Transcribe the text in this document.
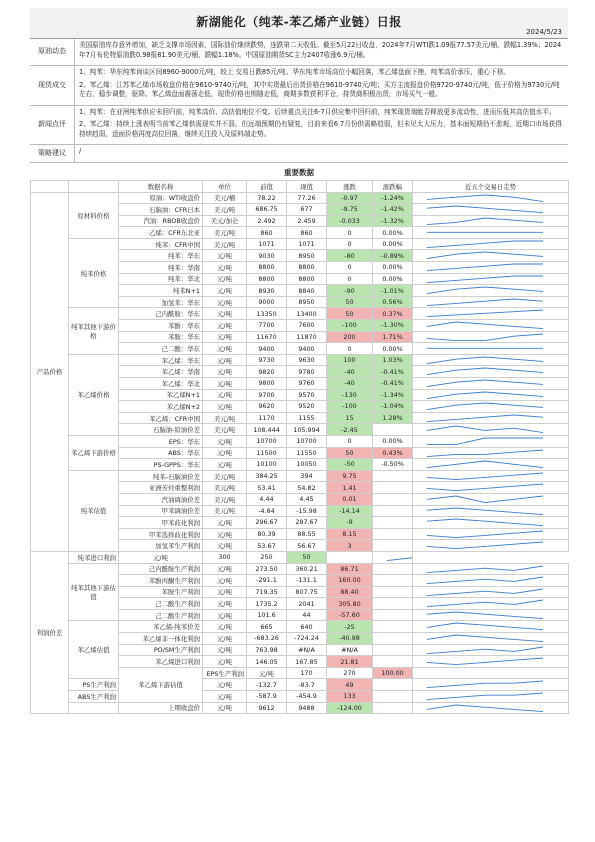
新湖能化（纯苯-苯乙烯产业链）日报
2024/5/23
原油动态

美国原油库存意外增加，缺乏支撑市场因素，国际油价继续跌势，连跌第二天收低。截至5月22日收盘，2024年7月WTI跌1.09报77.57美元/桶，跌幅1.39%；2024年7月布伦特原油跌0.98报81.90美元/桶，跌幅1.18%。中国原油期货SC主力2407收涨6.9元/桶。

现货成交

1、纯苯：华东纯苯询谈区间8960-9000元/吨，较上 交易日跌85元/吨。华东纯苯市场高位小幅回落，苯乙烯盘面下挫，纯苯高价承压，重心下移。

2、苯乙烯：江苏苯乙烯市场收盘价格在9610-9740元/吨，其中实货最后出货价格在9610-9740元/吨；买方主流报盘价格9720-9740元/吨，低于价格为9730元/吨左右，稳步调整，驱降。苯乙烯盘面震荡走低，现货价格也围随走低，商期多数获利平仓，持货商积极出货，市场买气一般。

新闻点评

1、纯苯：在亚洲纯苯供应未回归前，纯苯高价、高估值地位不变。后续重点关注6-7月供应集中回归前，纯苯现货端能否释放更多流动性，进而压低其高估值水平。

2、苯乙烯：持续上涨表明当前苯乙烯供需现实并不弱，但远端预期仍有疑复，目前来看6 7月份供需略趋弱，但未见太大压力，基本面短期仍不悲观，近期口市场获得持续趋弱，盘面价格再度高位回落，继续关注投入及原料端走势。

策略建议	/

重要数据
		数据名称	单位	前值	现值	涨跌	涨跌幅	近五个交易日走势	
产品价格	原材料价格	原油：WTI收盘价	美元/桶	78.22	77.26	-0.97	-1.24%	

		石脑油：CFR日本	美元/吨	686.75	677	-9.75	-1.42%	

		汽油：RBOB收盘价	美元/加仑	2.492	2.459	-0.033	-1.32%	

		乙烯：CFR东北亚	美元/吨	860	860	0	0.00%	

	纯苯价格	纯苯：CFR中国	美元/吨	1071	1071	0	0.00%	

		纯苯：华东	元/吨	9030	8950	-80	-0.89%	

		纯苯：华南	元/吨	8800	8800	0	0.00%	

		纯苯：华北	元/吨	8800	8800	0	0.00%	

		纯苯N+1	元/吨	8930	8840	-90	-1.01%	

		加氢苯：华东	元/吨	9000	8950	50	0.56%	

	纯苯其他下游价格	己内酰胺：华东	元/吨	13350	13400	50	0.37%	

		苯酚：华东	元/吨	7700	7600	-100	-1.30%	

		苯胺：华东	元/吨	11670	11870	200	1.71%	

		己二酸：华东	元/吨	9400	9400	0	0.00%	

	苯乙烯价格	苯乙烯：华东	元/吨	9730	9630	100	1.03%	

		苯乙烯：华南	元/吨	9820	9780	-40	-0.41%	

		苯乙烯：华北	元/吨	9800	9760	-40	-0.41%	

		苯乙烯N+1	元/吨	9700	9570	-130	-1.34%	

		苯乙烯N+2	元/吨	9620	9520	-100	-1.04%	

		苯乙烯：CFR中国	美元/吨	1170	1155	15	1.28%	

		石脑油-原油价差	美元/吨	108.444	105.994	-2.45		

	苯乙烯下游价格	EPS：华东	元/吨	10700	10700	0	0.00%	

		ABS：华东	元/吨	11500	11550	50	0.43%	

		PS-GPPS：华东	元/吨	10100	10050	-50	-0.50%	

	纯苯估值	纯苯-石脑油价差	美元/吨	384.25	394	9.75		

		亚洲芳烃重整利润	美元/吨	53.41	54.82	1.41		

		汽油调油价差	美元/吨	4.44	4.45	0.01		

		甲苯调油价差	美元/吨	-4.84	-15.98	-14.14		

		甲苯歧化利润	元/吨	296.67	287.67	-9		

		甲苯选择歧化利润	元/吨	80.39	88.55	8.15		

		加氢苯生产利润	元/吨	53.67	56.67	3		

利润价差	纯苯进口利润	元/吨	300	250	50		

	纯苯其他下游估值	己内酰胺生产利润	元/吨	273.50	360.21	86.71		

		苯酚丙酮生产利润	元/吨	-291.1	-131.1	160.00		

		苯胺生产利润	元/吨	719.35	807.75	88.40		

		己二酸生产利润	元/吨	1735.2	2041	305.80		

		己二酸生产利润	元/吨	101.6	44	-57.60		

	苯乙烯估值	苯乙烯-纯苯价差	元/吨	665	640	-25		

		苯乙烯非一体化利润	元/吨	-683.26	-724.24	-40.98		

		PO/SM生产利润	元/吨	763.98	#N/A	#N/A		

		苯乙烯进口利润	元/吨	146.05	167.85	21.81		

		苯乙烯下游估值	EPS生产利润	元/吨	170	270	100.00		

	PS生产利润		元/吨	-132.7	-83.7	49		

	ABS生产利润		元/吨	-587.9	-454.9	133		

		上期收盘价	元/吨	9612	9488	-124.00		
